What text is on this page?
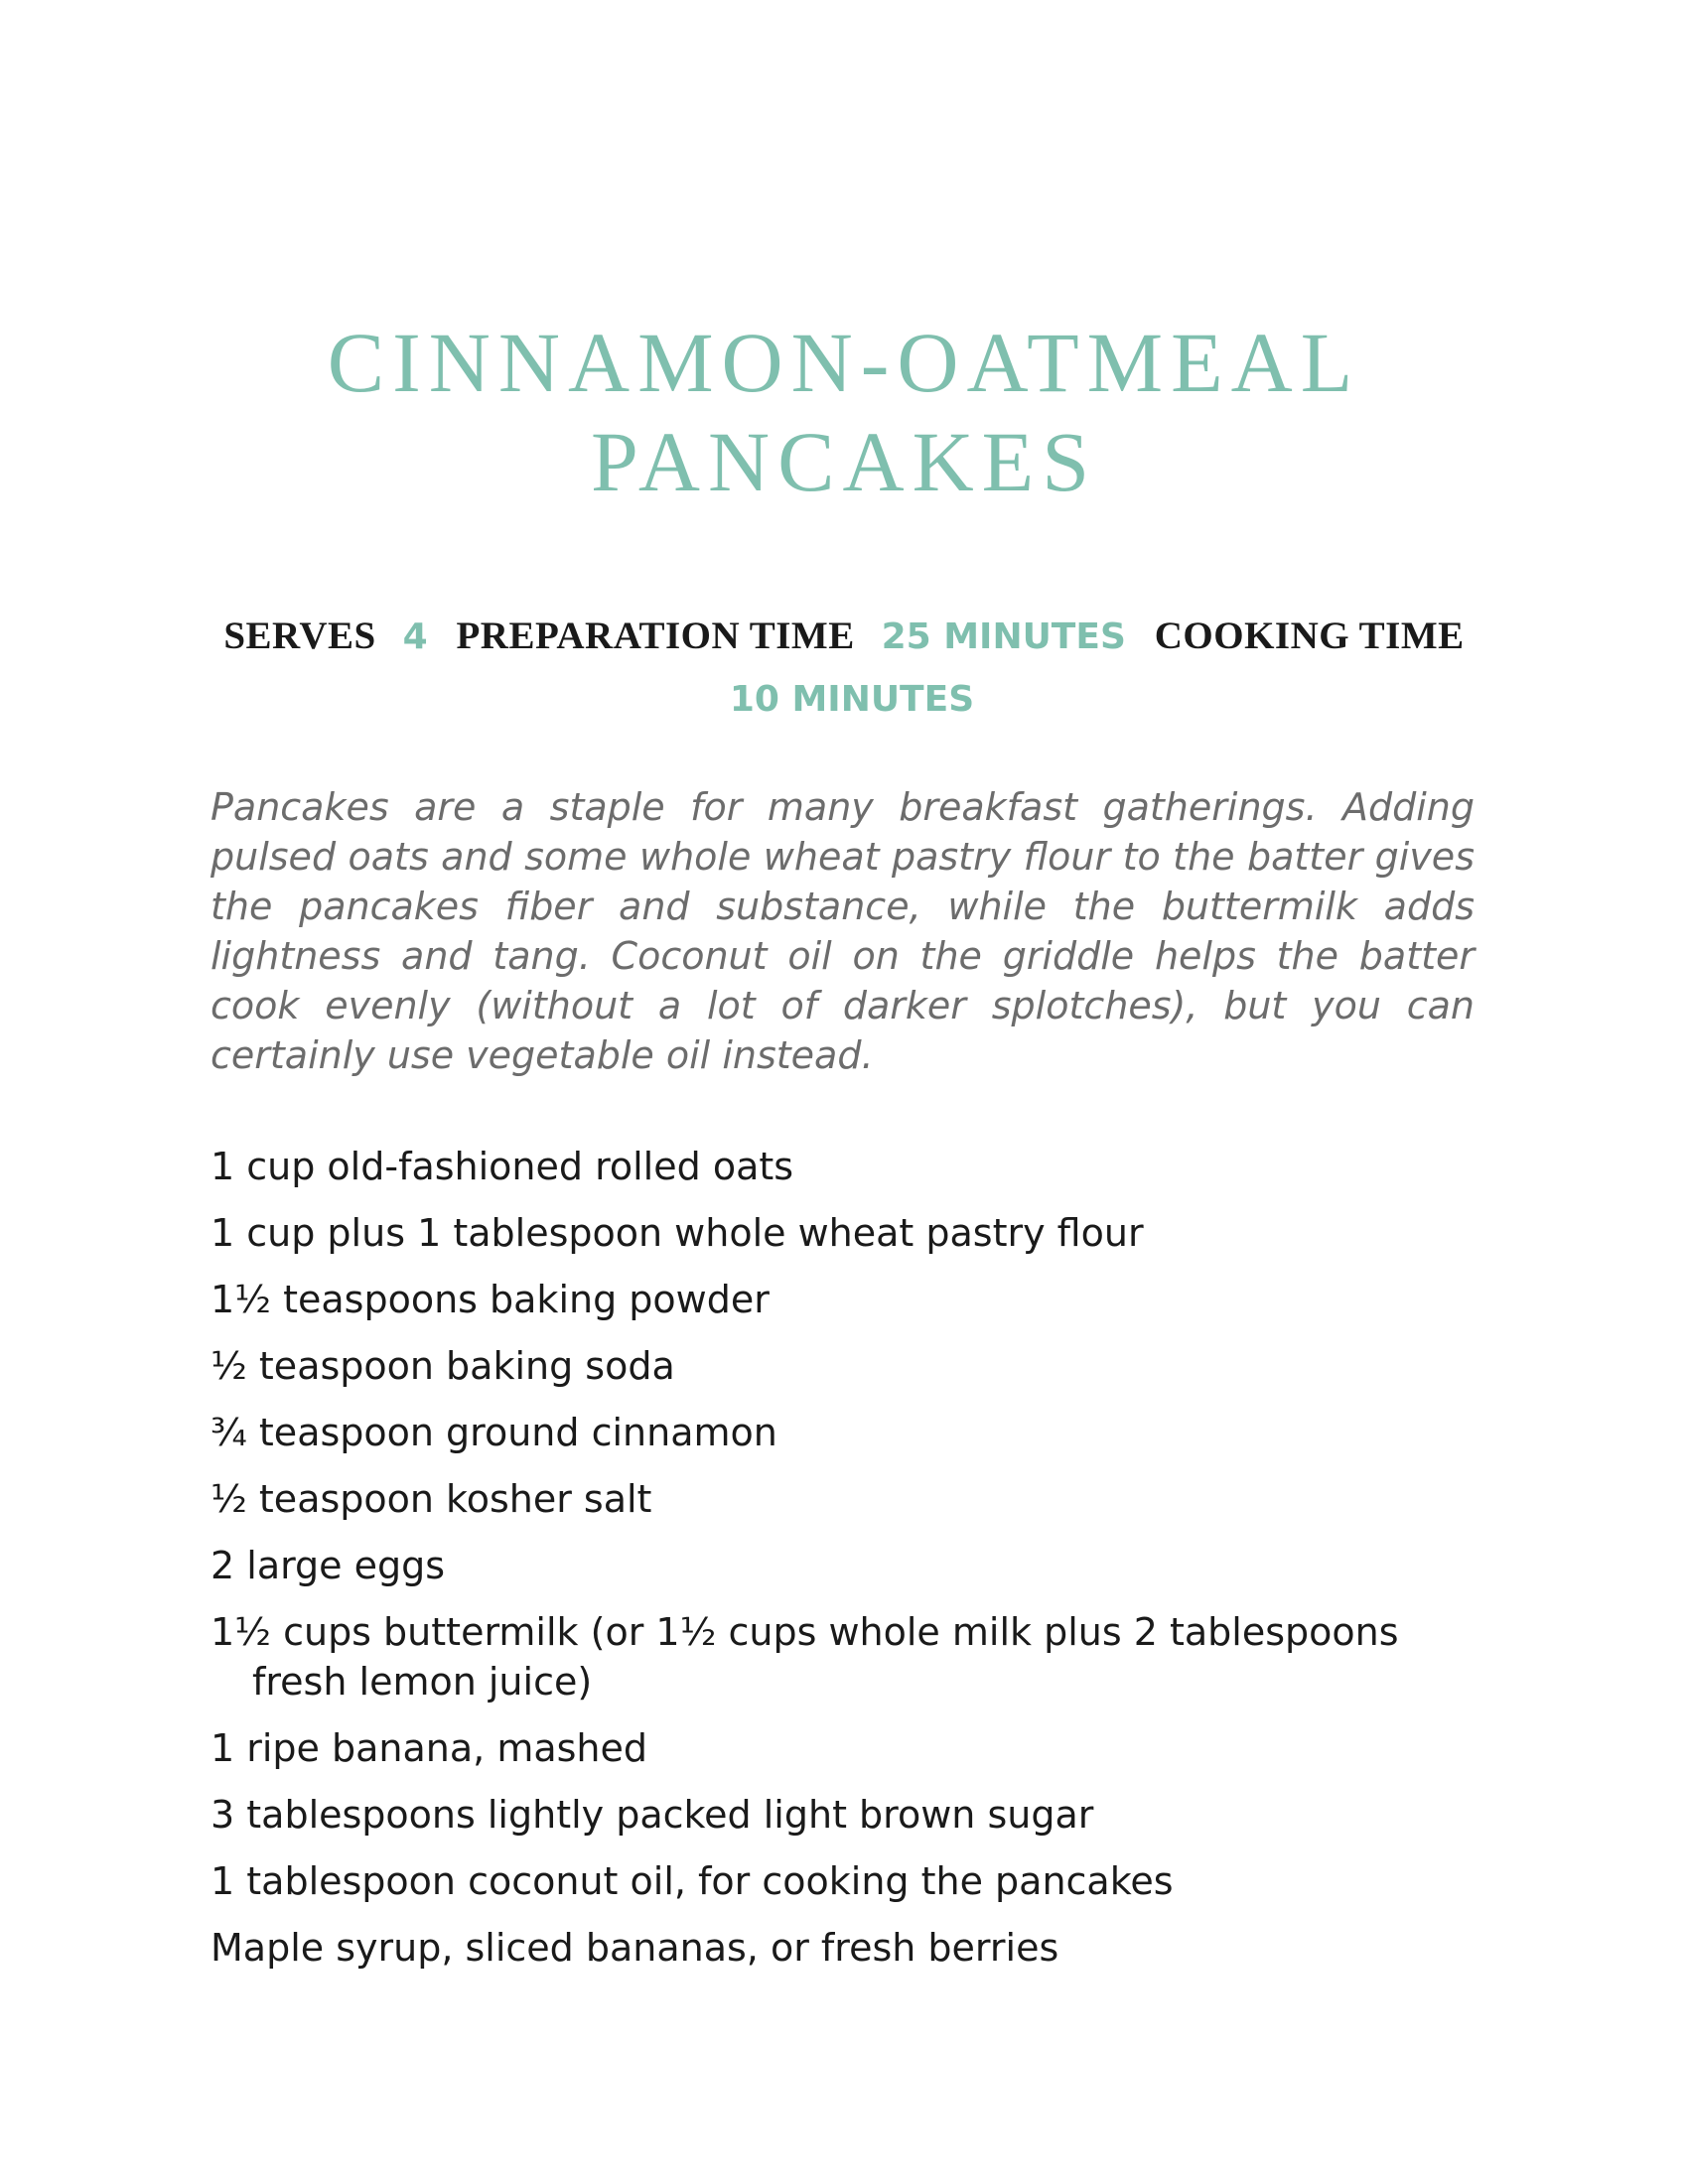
CINNAMON-OATMEAL
PANCAKES
SERVES 4 PREPARATION TIME 25 MINUTES COOKING TIME
10 MINUTES

Pancakes are a staple for many breakfast gatherings. Adding pulsed oats and some whole wheat pastry flour to the batter gives the pancakes fiber and substance, while the buttermilk adds lightness and tang. Coconut oil on the griddle helps the batter cook evenly (without a lot of darker splotches), but you can certainly use vegetable oil instead.

1 cup old-fashioned rolled oats
1 cup plus 1 tablespoon whole wheat pastry flour
1½ teaspoons baking powder
½ teaspoon baking soda
¾ teaspoon ground cinnamon
½ teaspoon kosher salt
2 large eggs
1½ cups buttermilk (or 1½ cups whole milk plus 2 tablespoons fresh lemon juice)
1 ripe banana, mashed
3 tablespoons lightly packed light brown sugar
1 tablespoon coconut oil, for cooking the pancakes
Maple syrup, sliced bananas, or fresh berries
